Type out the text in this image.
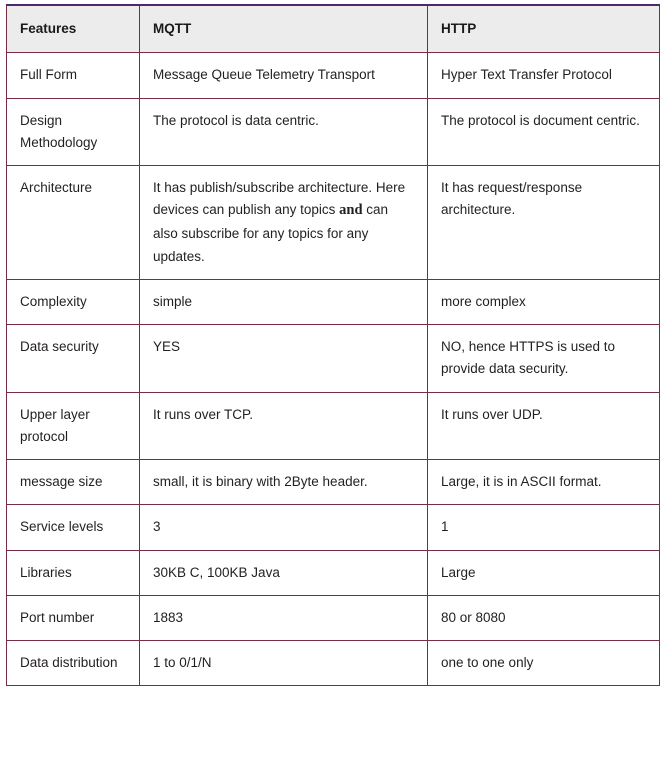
Features	MQTT	HTTP
Full Form	Message Queue Telemetry Transport	Hyper Text Transfer Protocol
Design Methodology	The protocol is data centric.	The protocol is document centric.
Architecture	It has publish/subscribe architecture. Here devices can publish any topics and can also subscribe for any topics for any updates.	It has request/response architecture.
Complexity	simple	more complex
Data security	YES	NO, hence HTTPS is used to provide data security.
Upper layer protocol	It runs over TCP.	It runs over UDP.
message size	small, it is binary with 2Byte header.	Large, it is in ASCII format.
Service levels	3	1
Libraries	30KB C, 100KB Java	Large
Port number	1883	80 or 8080
Data distribution	1 to 0/1/N	one to one only
